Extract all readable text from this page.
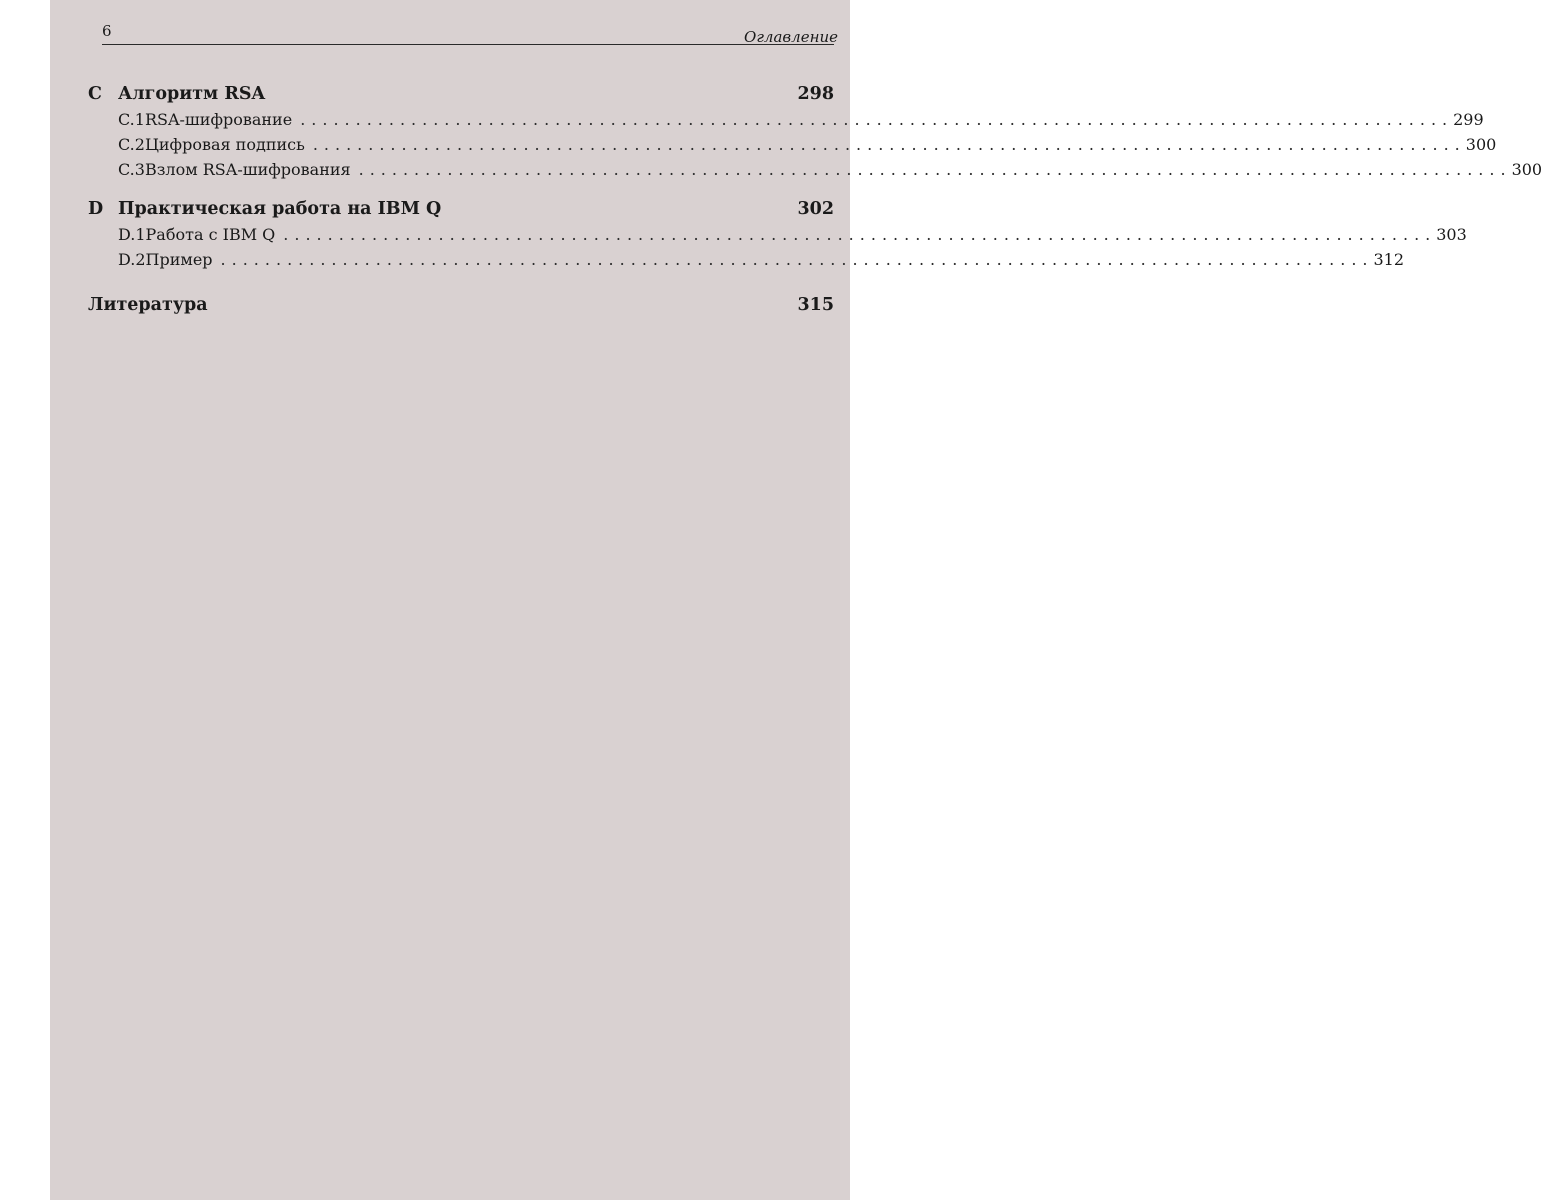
6	Оглавление
C Алгоритм RSA	298
C.1 RSA-шифрование ........................................................................................................ 299
C.2 Цифровая подпись ........................................................................................................ 300
C.3 Взлом RSA-шифрования ........................................................................................................ 300
D Практическая работа на IBM Q	302
D.1 Работа с IBM Q ........................................................................................................ 303
D.2 Пример ........................................................................................................ 312
Литература	315
